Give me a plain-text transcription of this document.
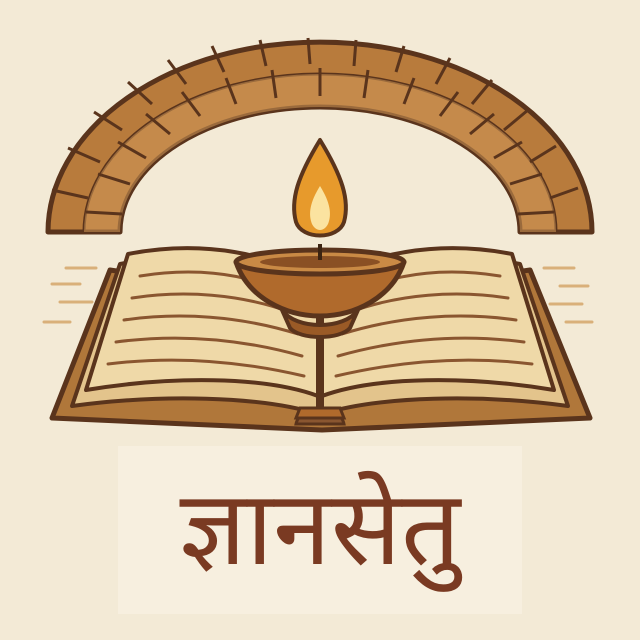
ज्ञानसेतु
